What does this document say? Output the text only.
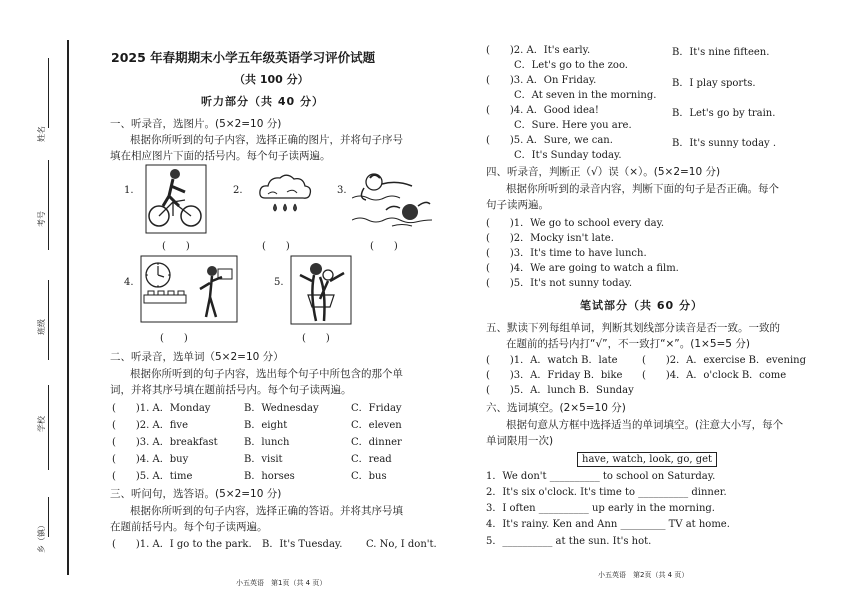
姓名
考号
班级
学校
乡（镇）
2025 年春期期末小学五年级英语学习评价试题
（共 100 分）
听力部分（共 40 分）
一、听录音，选图片。(5×2=10 分)
根据你所听到的句子内容，选择正确的图片，并将句子序号
填在相应图片下面的括号内。每个句子读两遍。
1.
(　　)
2.
(　　)
3.
(　　)
4.
(　　)
5.
(　　)
二、听录音，选单词（5×2=10 分）
根据你所听到的句子内容，选出每个句子中所包含的那个单
词，并将其序号填在题前括号内。每个句子读两遍。
(　　)1. A．Monday	B．Wednesday	C．Friday
(　　)2. A．five	B．eight	C．eleven
(　　)3. A．breakfast	B．lunch	C．dinner
(　　)4. A．buy	B．visit	C．read
(　　)5. A．time	B．horses	C．bus
三、听问句，选答语。(5×2=10 分)
根据你所听到的句子内容，选择正确的答语。并将其序号填
在题前括号内。每个句子读两遍。
(　　)1. A．I go to the park. B．It's Tuesday. C. No, I don't.
小五英语　第1页（共 4 页）
(　　)2. A．It's early.	B．It's nine fifteen.
C．Let's go to the zoo.
(　　)3. A．On Friday.	B．I play sports.
C．At seven in the morning.
(　　)4. A．Good idea!	B．Let's go by train.
C．Sure. Here you are.
(　　)5. A．Sure, we can.	B．It's sunny today .
C．It's Sunday today.
四、听录音，判断正（√）误（×）。(5×2=10 分)
根据你所听到的录音内容，判断下面的句子是否正确。每个
句子读两遍。
(　　)1．We go to school every day.
(　　)2．Mocky isn't late.
(　　)3．It's time to have lunch.
(　　)4．We are going to watch a film.
(　　)5．It's not sunny today.
笔试部分（共 60 分）
五、默读下列每组单词，判断其划线部分读音是否一致。一致的
在题前的括号内打“√”，不一致打“×”。(1×5=5 分)
(　　)1．A．watch B．late (　　)2．A．exercise B．evening
(　　)3．A．Friday B．bike (　　)4．A．o'clock B．come
(　　)5．A．lunch B．Sunday
六、选词填空。(2×5=10 分)
根据句意从方框中选择适当的单词填空。(注意大小写，每个
单词限用一次)
have, watch, look, go, get
1．We don't __________ to school on Saturday.
2．It's six o'clock. It's time to __________ dinner.
3．I often __________ up early in the morning.
4．It's rainy. Ken and Ann _________ TV at home.
5．__________ at the sun. It's hot.
小五英语　第2页（共 4 页）
